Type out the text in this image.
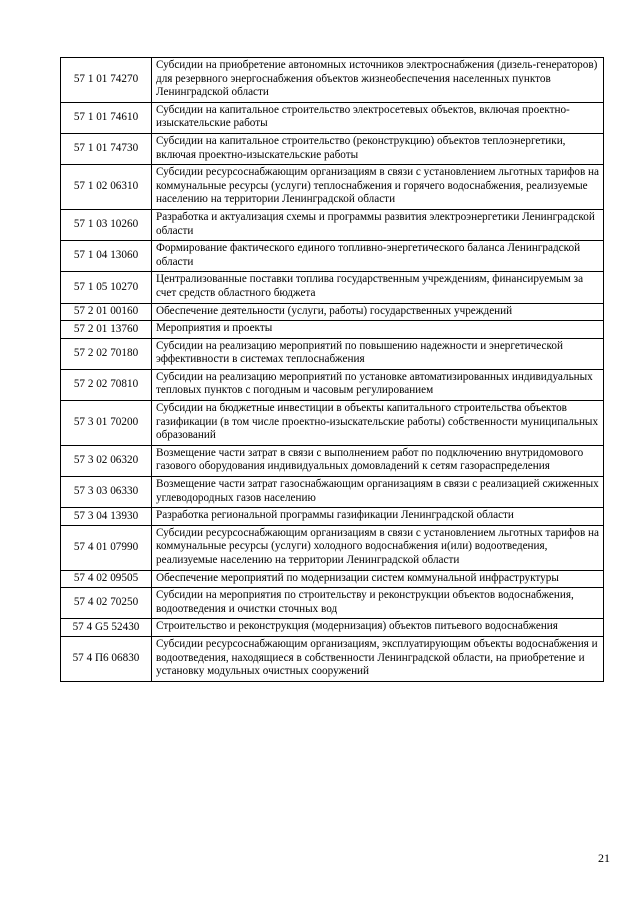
57 1 01 74270	Субсидии на приобретение автономных источников электроснабжения (дизель-генераторов) для резервного энергоснабжения объектов жизнеобеспечения населенных пунктов Ленинградской области
57 1 01 74610	Субсидии на капитальное строительство электросетевых объектов, включая проектно-изыскательские работы
57 1 01 74730	Субсидии на капитальное строительство (реконструкцию) объектов теплоэнергетики, включая проектно-изыскательские работы
57 1 02 06310	Субсидии ресурсоснабжающим организациям в связи с установлением льготных тарифов на коммунальные ресурсы (услуги) теплоснабжения и горячего водоснабжения, реализуемые населению на территории Ленинградской области
57 1 03 10260	Разработка и актуализация схемы и программы развития электроэнергетики Ленинградской области
57 1 04 13060	Формирование фактического единого топливно-энергетического баланса Ленинградской области
57 1 05 10270	Централизованные поставки топлива государственным учреждениям, финансируемым за счет средств областного бюджета
57 2 01 00160	Обеспечение деятельности (услуги, работы) государственных учреждений
57 2 01 13760	Мероприятия и проекты
57 2 02 70180	Субсидии на реализацию мероприятий по повышению надежности и энергетической эффективности в системах теплоснабжения
57 2 02 70810	Субсидии на реализацию мероприятий по установке автоматизированных индивидуальных тепловых пунктов с погодным и часовым регулированием
57 3 01 70200	Субсидии на бюджетные инвестиции в объекты капитального строительства объектов газификации (в том числе проектно-изыскательские работы) собственности муниципальных образований
57 3 02 06320	Возмещение части затрат в связи с выполнением работ по подключению внутридомового газового оборудования индивидуальных домовладений к сетям газораспределения
57 3 03 06330	Возмещение части затрат газоснабжающим организациям в связи с реализацией сжиженных углеводородных газов населению
57 3 04 13930	Разработка региональной программы газификации Ленинградской области
57 4 01 07990	Субсидии ресурсоснабжающим организациям в связи с установлением льготных тарифов на коммунальные ресурсы (услуги) холодного водоснабжения и(или) водоотведения, реализуемые населению на территории Ленинградской области
57 4 02 09505	Обеспечение мероприятий по модернизации систем коммунальной инфраструктуры
57 4 02 70250	Субсидии на мероприятия по строительству и реконструкции объектов водоснабжения, водоотведения и очистки сточных вод
57 4 G5 52430	Строительство и реконструкция (модернизация) объектов питьевого водоснабжения
57 4 П6 06830	Субсидии ресурсоснабжающим организациям, эксплуатирующим объекты водоснабжения и водоотведения, находящиеся в собственности Ленинградской области, на приобретение и установку модульных очистных сооружений
21
